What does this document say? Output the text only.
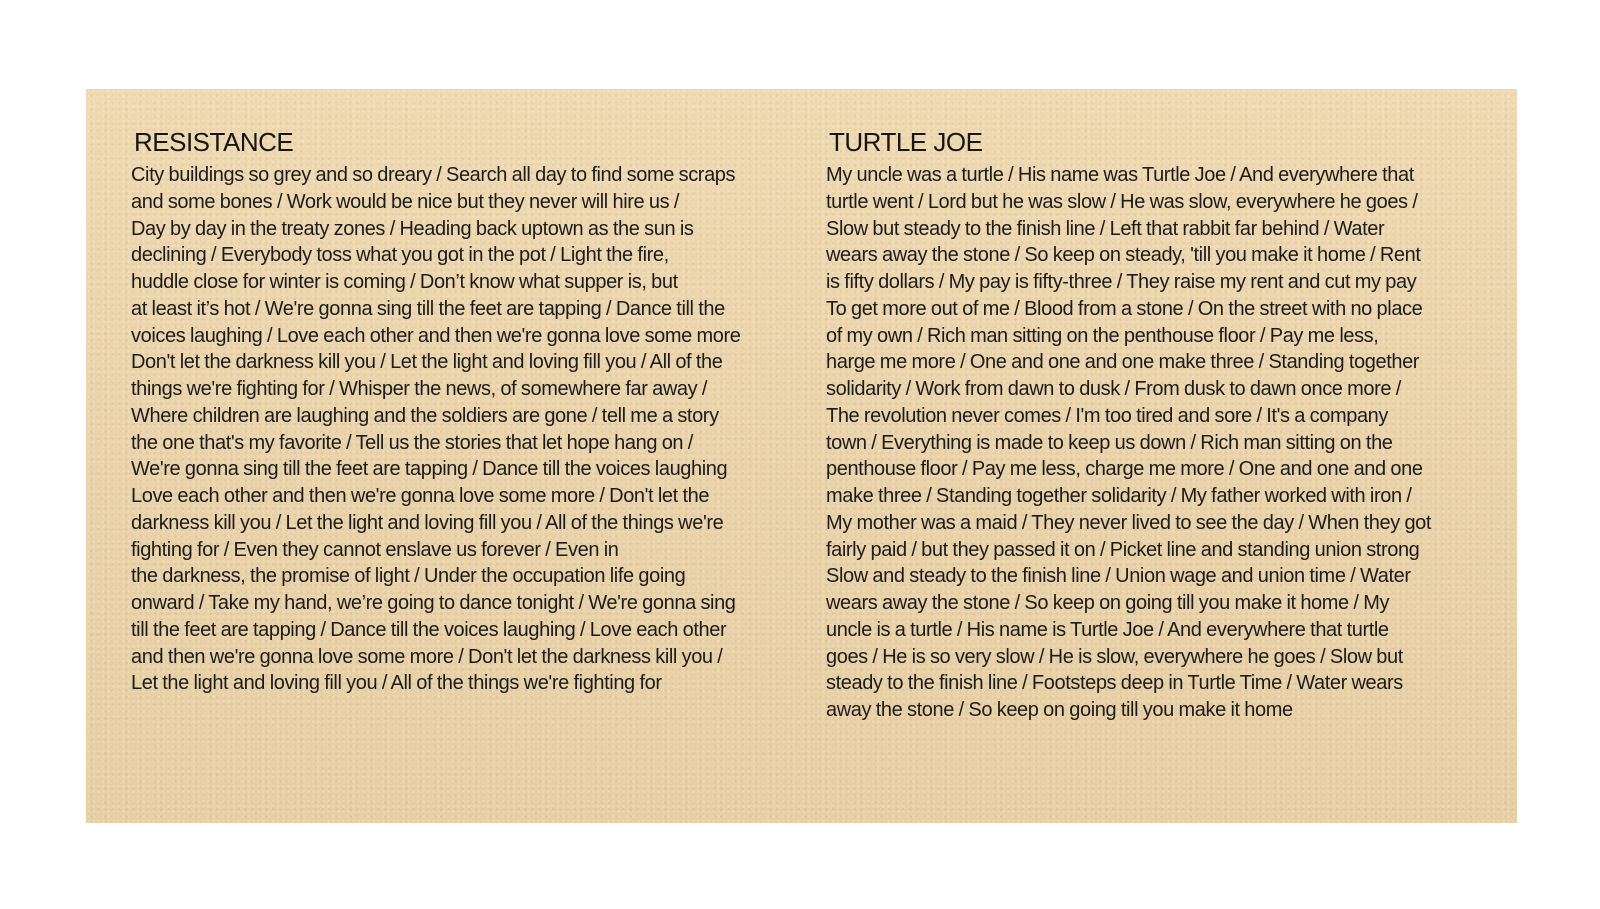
RESISTANCE

City buildings so grey and so dreary / Search all day to find some scraps
and some bones / Work would be nice but they never will hire us /
Day by day in the treaty zones / Heading back uptown as the sun is
declining / Everybody toss what you got in the pot / Light the fire,
huddle close for winter is coming / Don’t know what supper is, but
at least it’s hot / We're gonna sing till the feet are tapping / Dance till the
voices laughing / Love each other and then we're gonna love some more
Don't let the darkness kill you / Let the light and loving fill you / All of the
things we're fighting for / Whisper the news, of somewhere far away /
Where children are laughing and the soldiers are gone / tell me a story
the one that's my favorite / Tell us the stories that let hope hang on /
We're gonna sing till the feet are tapping / Dance till the voices laughing
Love each other and then we're gonna love some more / Don't let the
darkness kill you / Let the light and loving fill you / All of the things we're
fighting for / Even they cannot enslave us forever / Even in
the darkness, the promise of light / Under the occupation life going
onward / Take my hand, we’re going to dance tonight / We're gonna sing
till the feet are tapping / Dance till the voices laughing / Love each other
and then we're gonna love some more / Don't let the darkness kill you /
Let the light and loving fill you / All of the things we're fighting for

TURTLE JOE

My uncle was a turtle / His name was Turtle Joe / And everywhere that
turtle went / Lord but he was slow / He was slow, everywhere he goes /
Slow but steady to the finish line / Left that rabbit far behind / Water
wears away the stone / So keep on steady, 'till you make it home / Rent
is fifty dollars / My pay is fifty-three / They raise my rent and cut my pay
To get more out of me / Blood from a stone / On the street with no place
of my own / Rich man sitting on the penthouse floor / Pay me less,
harge me more / One and one and one make three / Standing together
solidarity / Work from dawn to dusk / From dusk to dawn once more /
The revolution never comes / I'm too tired and sore / It's a company
town / Everything is made to keep us down / Rich man sitting on the
penthouse floor / Pay me less, charge me more / One and one and one
make three / Standing together solidarity / My father worked with iron /
My mother was a maid / They never lived to see the day / When they got
fairly paid / but they passed it on / Picket line and standing union strong
Slow and steady to the finish line / Union wage and union time / Water
wears away the stone / So keep on going till you make it home / My
uncle is a turtle / His name is Turtle Joe / And everywhere that turtle
goes / He is so very slow / He is slow, everywhere he goes / Slow but
steady to the finish line / Footsteps deep in Turtle Time / Water wears
away the stone / So keep on going till you make it home
